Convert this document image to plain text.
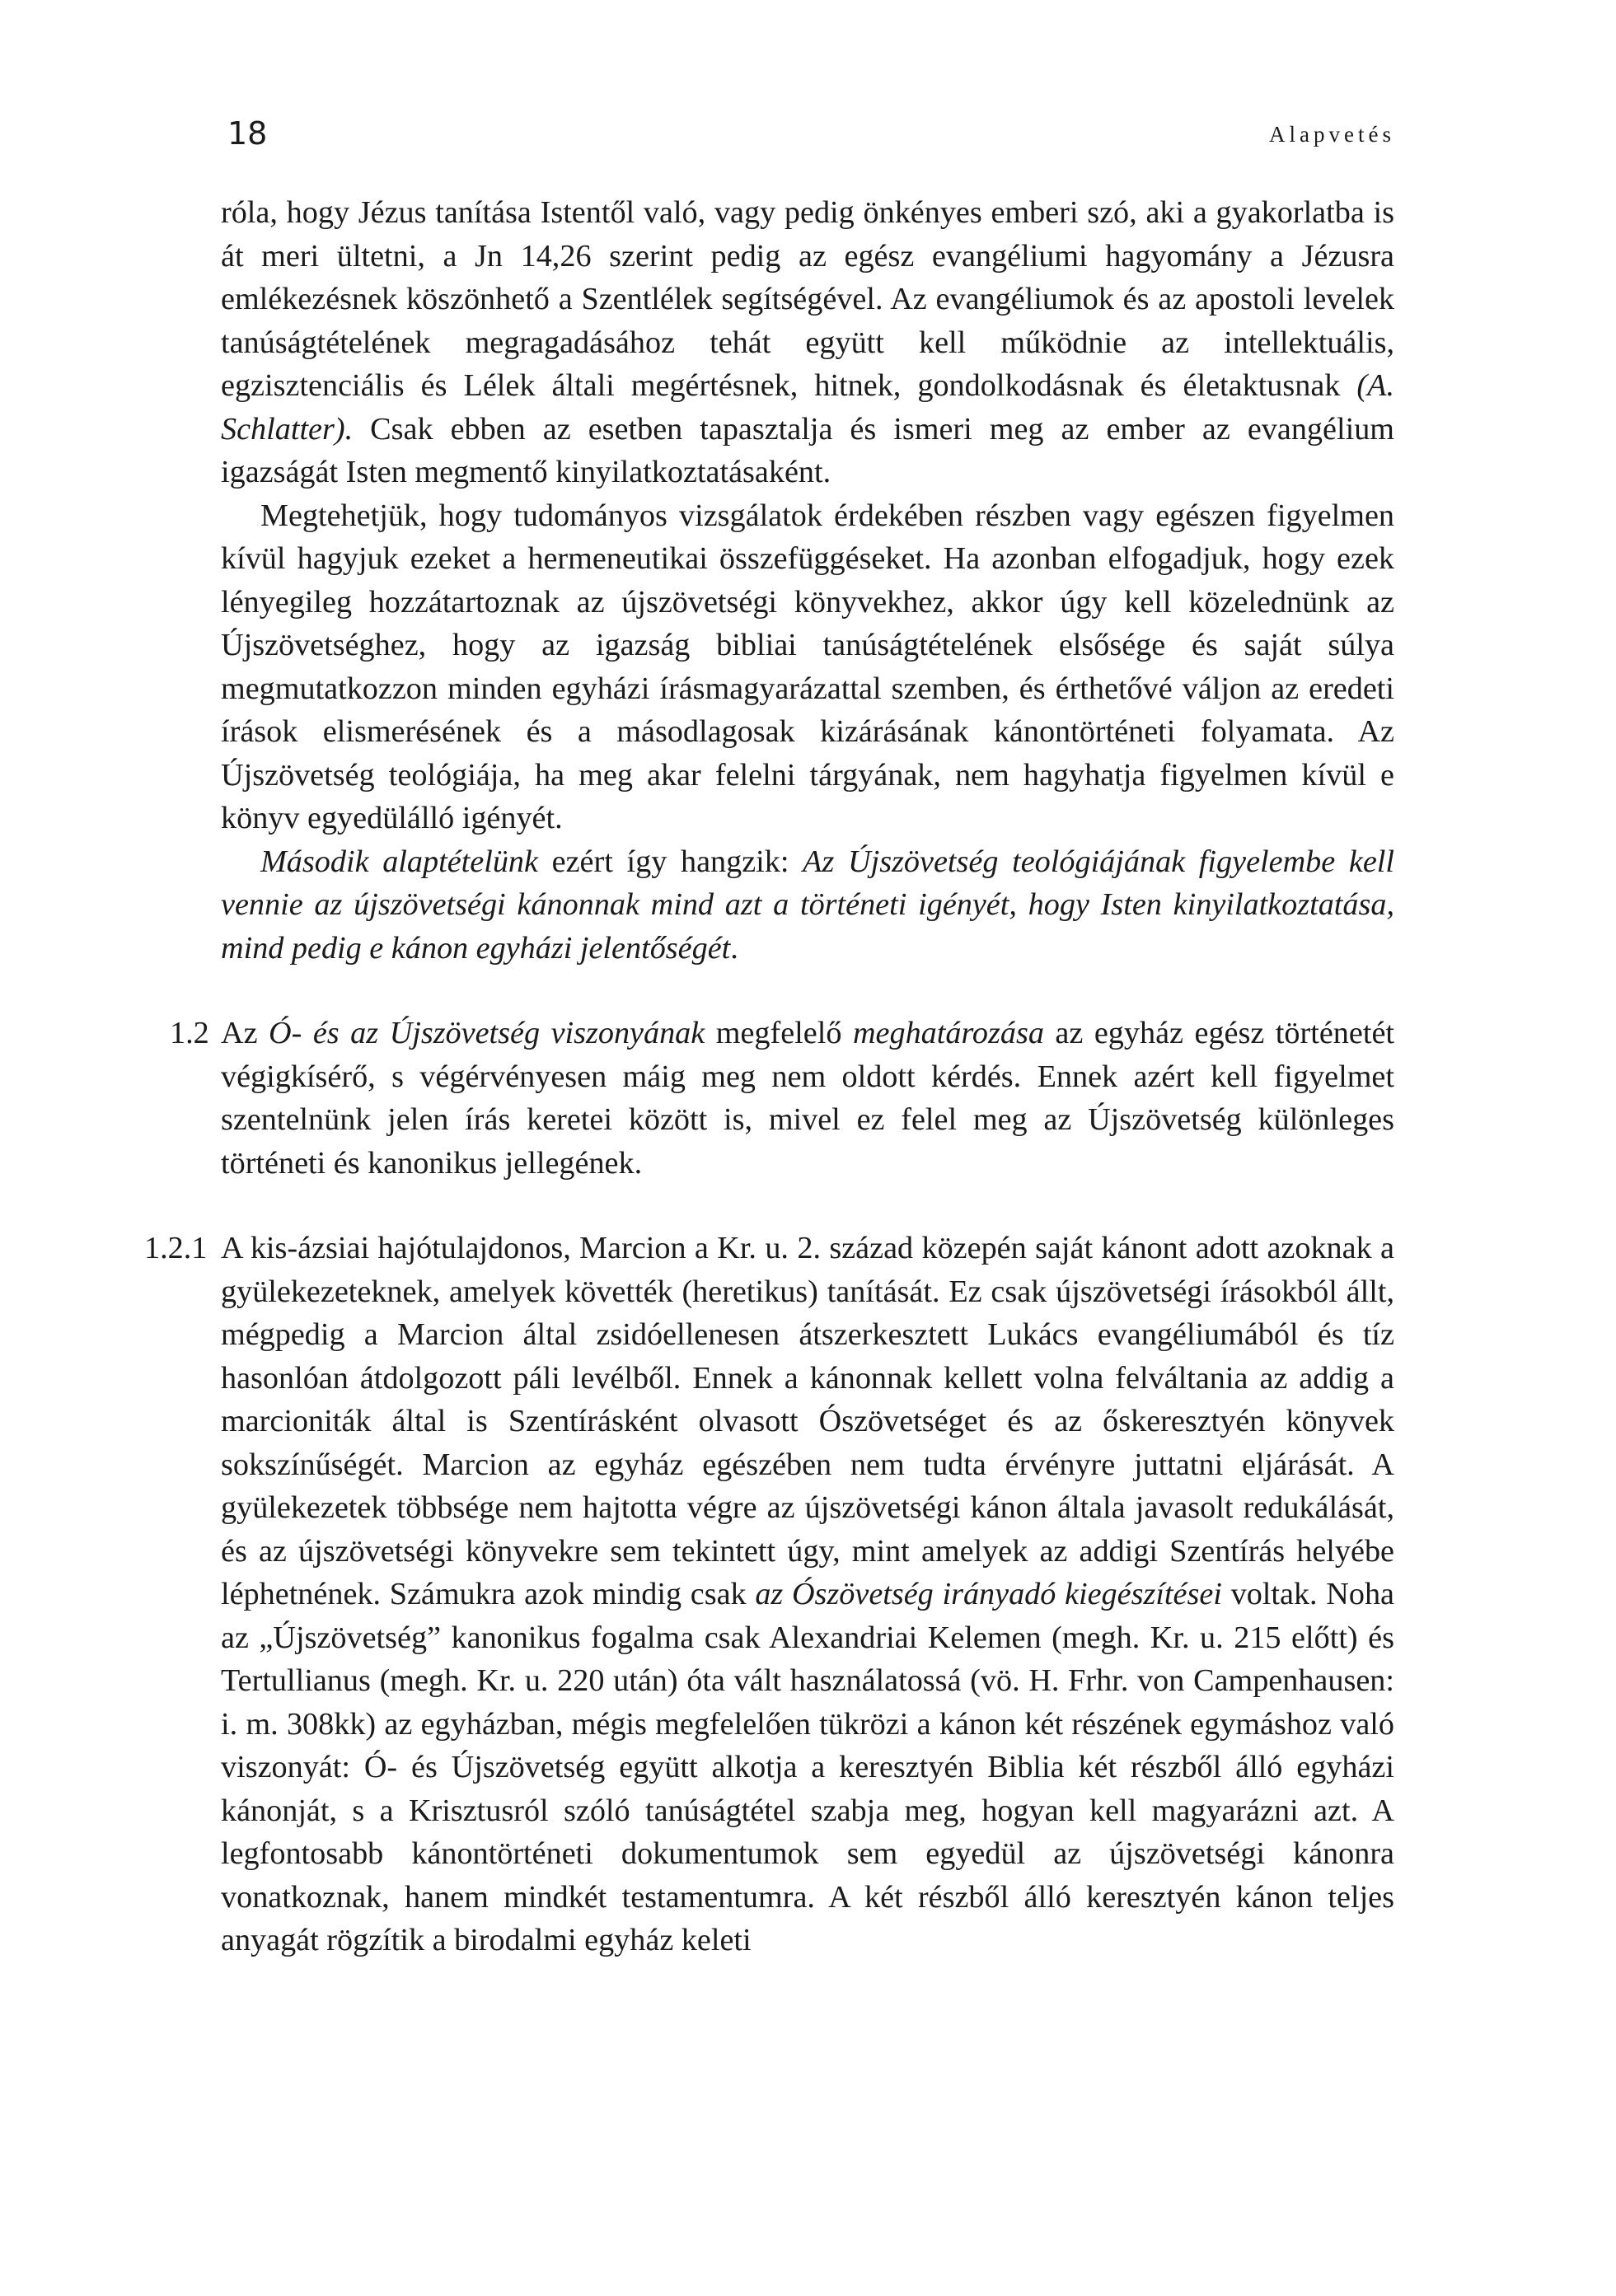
18	Alapvetés

róla, hogy Jézus tanítása Istentől való, vagy pedig önkényes emberi szó, aki a gyakorlatba is át meri ültetni, a Jn 14,26 szerint pedig az egész evangéliumi hagyomány a Jézusra emlékezésnek köszönhető a Szentlélek segítségével. Az evangéliumok és az apostoli levelek tanúságtételének megragadásához tehát együtt kell működnie az intellektuális, egzisztenciális és Lélek általi megértésnek, hitnek, gondolkodásnak és életaktusnak (A. Schlatter). Csak ebben az esetben tapasztalja és ismeri meg az ember az evangélium igazságát Isten megmentő kinyilatkoztatásaként.

Megtehetjük, hogy tudományos vizsgálatok érdekében részben vagy egészen figyelmen kívül hagyjuk ezeket a hermeneutikai összefüggéseket. Ha azonban elfogadjuk, hogy ezek lényegileg hozzátartoznak az újszövetségi könyvekhez, akkor úgy kell közelednünk az Újszövetséghez, hogy az igazság bibliai tanúságtételének elsősége és saját súlya megmutatkozzon minden egyházi írásmagyarázattal szemben, és érthetővé váljon az eredeti írások elismerésének és a másodlagosak kizárásának kánontörténeti folyamata. Az Újszövetség teológiája, ha meg akar felelni tárgyának, nem hagyhatja figyelmen kívül e könyv egyedülálló igényét.

Második alaptételünk ezért így hangzik: Az Újszövetség teológiájának figyelembe kell vennie az újszövetségi kánonnak mind azt a történeti igényét, hogy Isten kinyilatkoztatása, mind pedig e kánon egyházi jelentőségét.

1.2 Az Ó- és az Újszövetség viszonyának megfelelő meghatározása az egyház egész történetét végigkísérő, s végérvényesen máig meg nem oldott kérdés. Ennek azért kell figyelmet szentelnünk jelen írás keretei között is, mivel ez felel meg az Újszövetség különleges történeti és kanonikus jellegének.

1.2.1 A kis-ázsiai hajótulajdonos, Marcion a Kr. u. 2. század közepén saját kánont adott azoknak a gyülekezeteknek, amelyek követték (heretikus) tanítását. Ez csak újszövetségi írásokból állt, mégpedig a Marcion által zsidóellenesen átszerkesztett Lukács evangéliumából és tíz hasonlóan átdolgozott páli levélből. Ennek a kánonnak kellett volna felváltania az addig a marcioniták által is Szentírásként olvasott Ószövetséget és az őskeresztyén könyvek sokszínűségét. Marcion az egyház egészében nem tudta érvényre juttatni eljárását. A gyülekezetek többsége nem hajtotta végre az újszövetségi kánon általa javasolt redukálását, és az újszövetségi könyvekre sem tekintett úgy, mint amelyek az addigi Szentírás helyébe léphetnének. Számukra azok mindig csak az Ószövetség irányadó kiegészítései voltak. Noha az „Újszövetség” kanonikus fogalma csak Alexandriai Kelemen (megh. Kr. u. 215 előtt) és Tertullianus (megh. Kr. u. 220 után) óta vált használatossá (vö. H. Frhr. von Campenhausen: i. m. 308kk) az egyházban, mégis megfelelően tükrözi a kánon két részének egymáshoz való viszonyát: Ó- és Újszövetség együtt alkotja a keresztyén Biblia két részből álló egyházi kánonját, s a Krisztusról szóló tanúságtétel szabja meg, hogyan kell magyarázni azt. A legfontosabb kánontörténeti dokumentumok sem egyedül az újszövetségi kánonra vonatkoznak, hanem mindkét testamentumra. A két részből álló keresztyén kánon teljes anyagát rögzítik a birodalmi egyház keleti
